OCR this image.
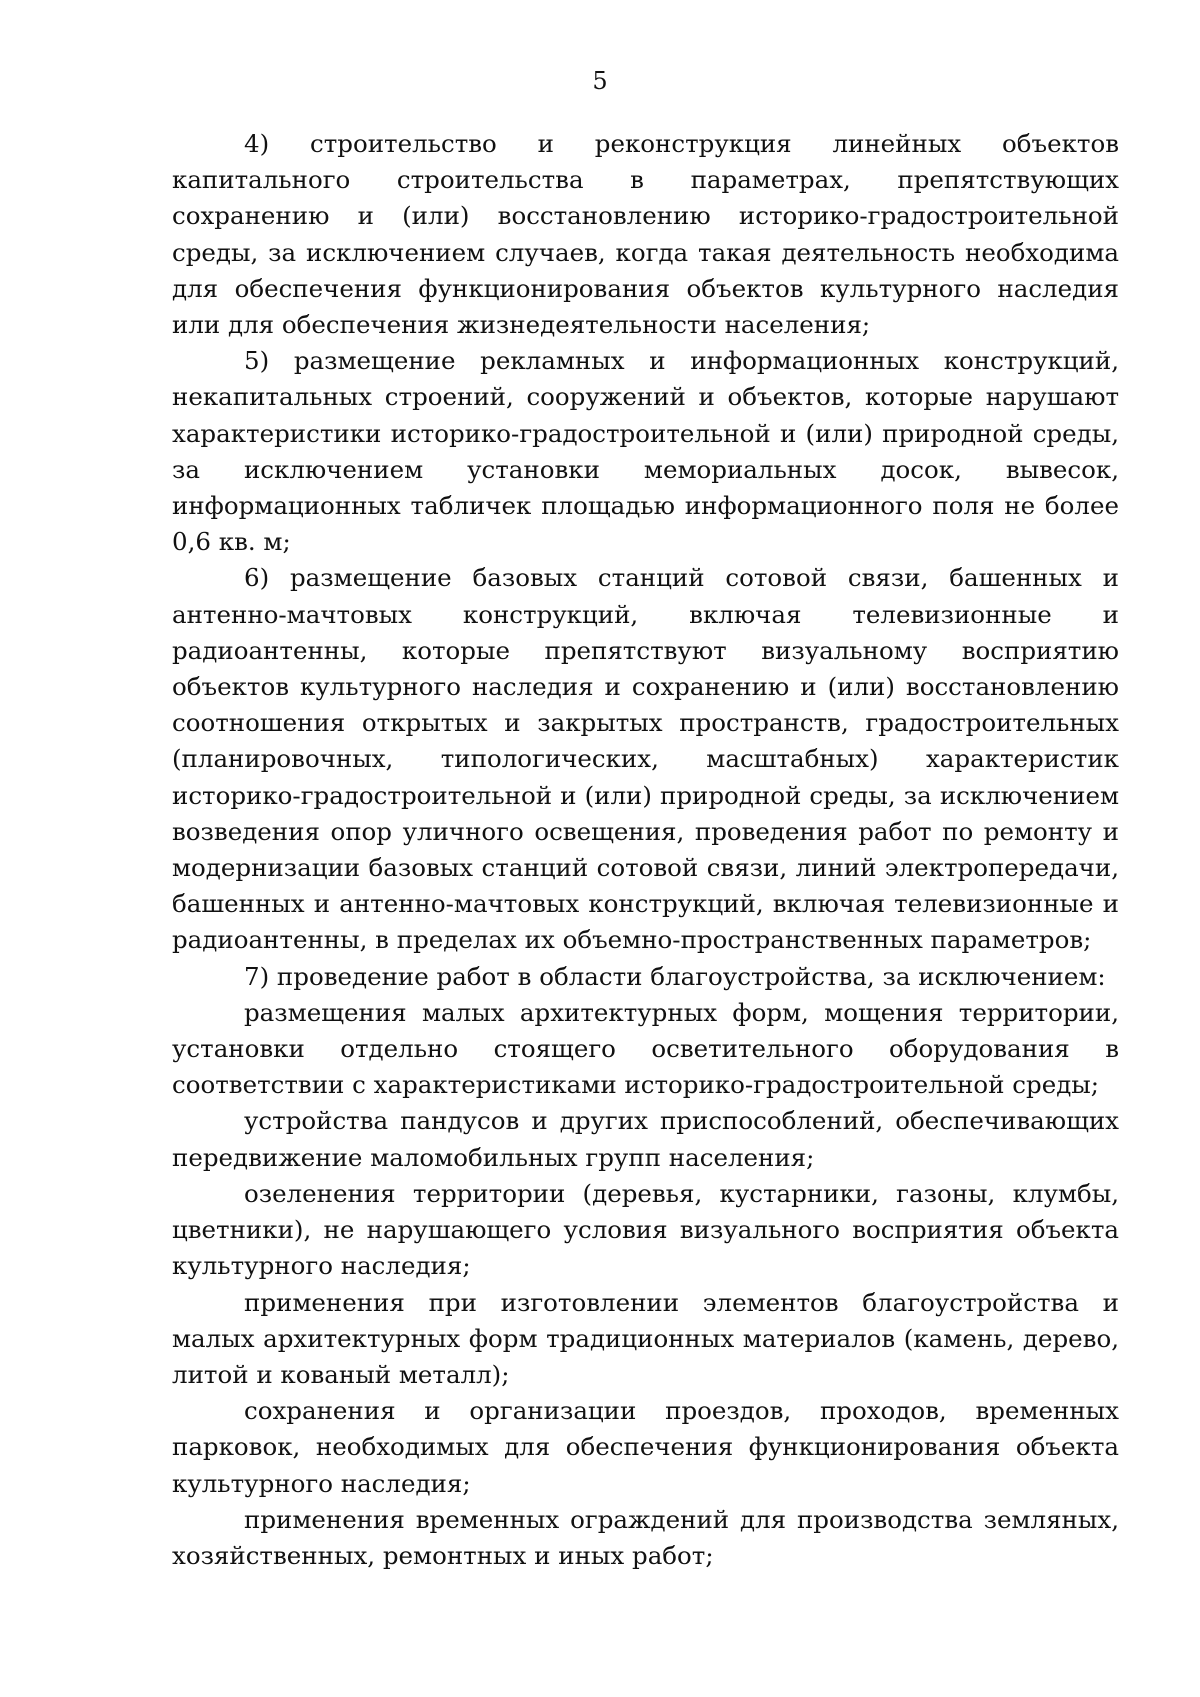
5

4) строительство и реконструкция линейных объектов капитального строительства в параметрах, препятствующих сохранению и (или) восстановлению историко-градостроительной среды, за исключением случаев, когда такая деятельность необходима для обеспечения функционирования объектов культурного наследия или для обеспечения жизнедеятельности населения;

5) размещение рекламных и информационных конструкций, некапитальных строений, сооружений и объектов, которые нарушают характеристики историко-градостроительной и (или) природной среды, за исключением установки мемориальных досок, вывесок, информационных табличек площадью информационного поля не более 0,6 кв. м;

6) размещение базовых станций сотовой связи, башенных и антенно-мачтовых конструкций, включая телевизионные и радиоантенны, которые препятствуют визуальному восприятию объектов культурного наследия и сохранению и (или) восстановлению соотношения открытых и закрытых пространств, градостроительных (планировочных, типологических, масштабных) характеристик историко-градостроительной и (или) природной среды, за исключением возведения опор уличного освещения, проведения работ по ремонту и модернизации базовых станций сотовой связи, линий электропередачи, башенных и антенно-мачтовых конструкций, включая телевизионные и радиоантенны, в пределах их объемно-пространственных параметров;

7) проведение работ в области благоустройства, за исключением:

размещения малых архитектурных форм, мощения территории, установки отдельно стоящего осветительного оборудования в соответствии с характеристиками историко-градостроительной среды;

устройства пандусов и других приспособлений, обеспечивающих передвижение маломобильных групп населения;

озеленения территории (деревья, кустарники, газоны, клумбы, цветники), не нарушающего условия визуального восприятия объекта культурного наследия;

применения при изготовлении элементов благоустройства и малых архитектурных форм традиционных материалов (камень, дерево, литой и кованый металл);

сохранения и организации проездов, проходов, временных парковок, необходимых для обеспечения функционирования объекта культурного наследия;

применения временных ограждений для производства земляных, хозяйственных, ремонтных и иных работ;
